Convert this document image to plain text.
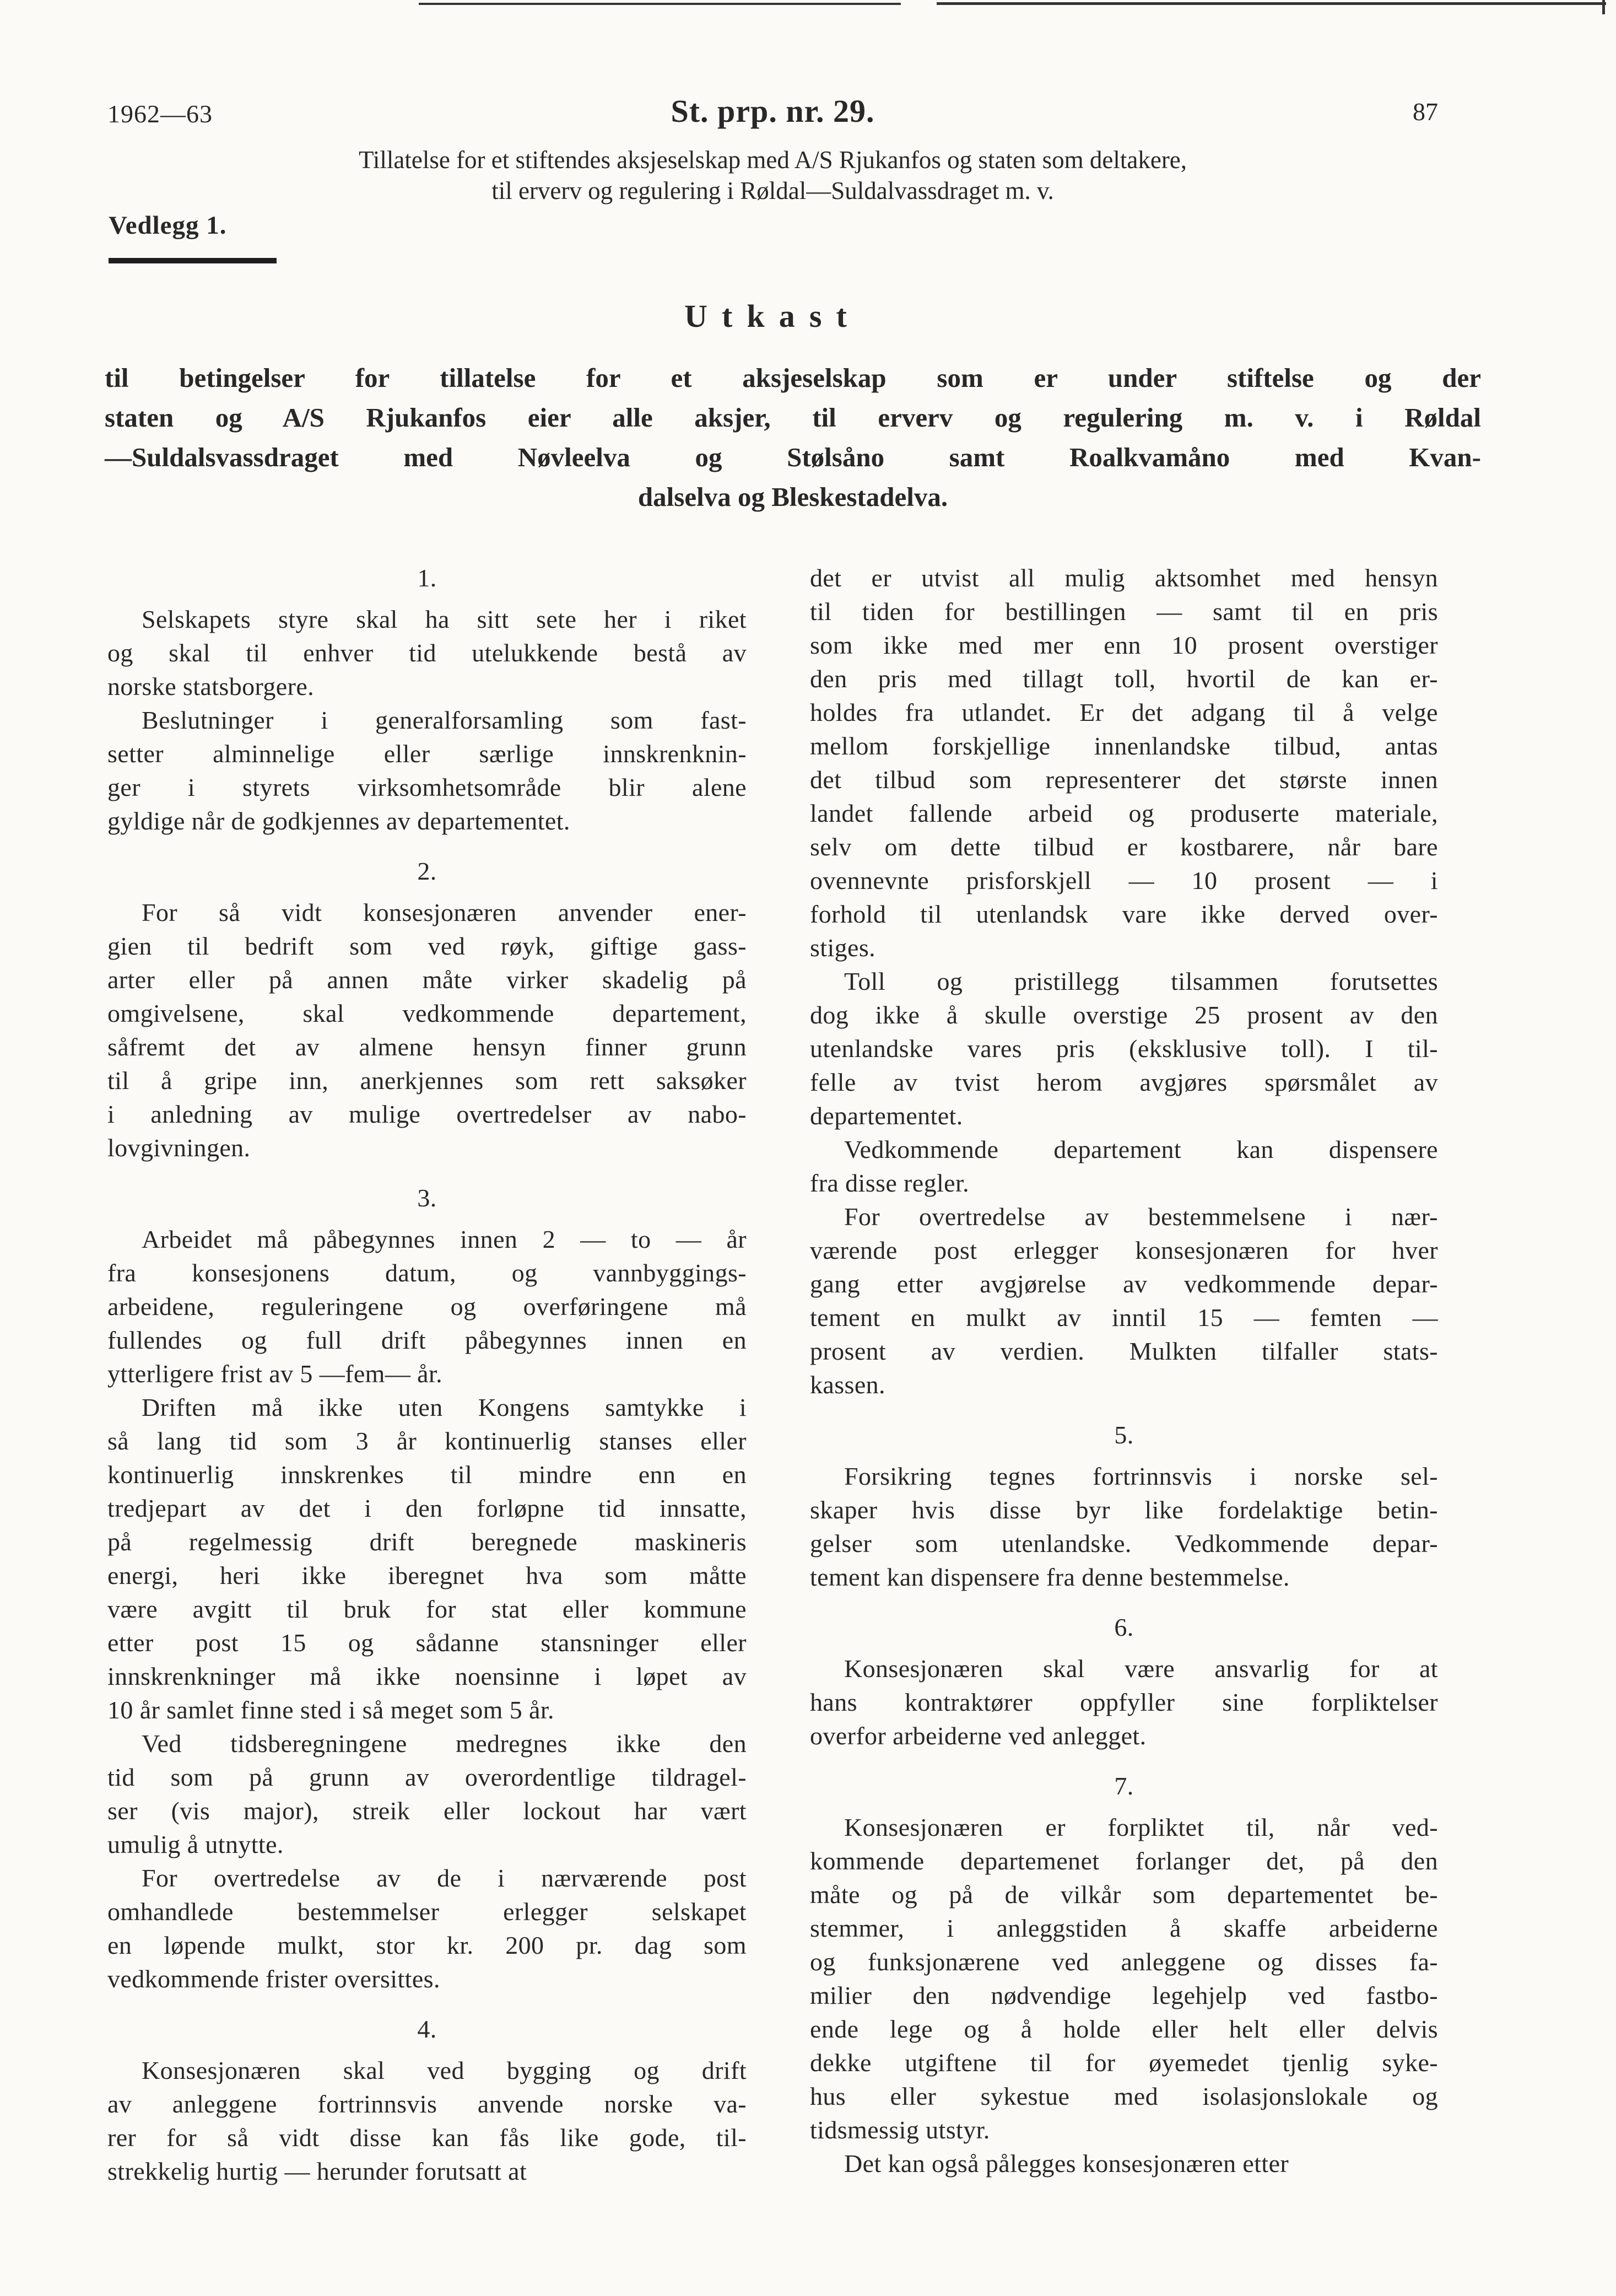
1962—63	St. prp. nr. 29.	87
Tillatelse for et stiftendes aksjeselskap med A/S Rjukanfos og staten som deltakere,
til erverv og regulering i Røldal—Suldalvassdraget m. v.
Vedlegg 1.
Utkast
til betingelser for tillatelse for et aksjeselskap som er under stiftelse og der
staten og A/S Rjukanfos eier alle aksjer, til erverv og regulering m. v. i Røldal
—Suldalsvassdraget med Nøvleelva og Stølsåno samt Roalkvamåno med Kvan-
dalselva og Bleskestadelva.
1.
Selskapets styre skal ha sitt sete her i riket
og skal til enhver tid utelukkende bestå av
norske statsborgere.
Beslutninger i generalforsamling som fast-
setter alminnelige eller særlige innskrenknin-
ger i styrets virksomhetsområde blir alene
gyldige når de godkjennes av departementet.
2.
For så vidt konsesjonæren anvender ener-
gien til bedrift som ved røyk, giftige gass-
arter eller på annen måte virker skadelig på
omgivelsene, skal vedkommende departement,
såfremt det av almene hensyn finner grunn
til å gripe inn, anerkjennes som rett saksøker
i anledning av mulige overtredelser av nabo-
lovgivningen.
3.
Arbeidet må påbegynnes innen 2 — to — år
fra konsesjonens datum, og vannbyggings-
arbeidene, reguleringene og overføringene må
fullendes og full drift påbegynnes innen en
ytterligere frist av 5 —fem— år.
Driften må ikke uten Kongens samtykke i
så lang tid som 3 år kontinuerlig stanses eller
kontinuerlig innskrenkes til mindre enn en
tredjepart av det i den forløpne tid innsatte,
på regelmessig drift beregnede maskineris
energi, heri ikke iberegnet hva som måtte
være avgitt til bruk for stat eller kommune
etter post 15 og sådanne stansninger eller
innskrenkninger må ikke noensinne i løpet av
10 år samlet finne sted i så meget som 5 år.
Ved tidsberegningene medregnes ikke den
tid som på grunn av overordentlige tildragel-
ser (vis major), streik eller lockout har vært
umulig å utnytte.
For overtredelse av de i nærværende post
omhandlede bestemmelser erlegger selskapet
en løpende mulkt, stor kr. 200 pr. dag som
vedkommende frister oversittes.
4.
Konsesjonæren skal ved bygging og drift
av anleggene fortrinnsvis anvende norske va-
rer for så vidt disse kan fås like gode, til-
strekkelig hurtig — herunder forutsatt at
det er utvist all mulig aktsomhet med hensyn
til tiden for bestillingen — samt til en pris
som ikke med mer enn 10 prosent overstiger
den pris med tillagt toll, hvortil de kan er-
holdes fra utlandet. Er det adgang til å velge
mellom forskjellige innenlandske tilbud, antas
det tilbud som representerer det største innen
landet fallende arbeid og produserte materiale,
selv om dette tilbud er kostbarere, når bare
ovennevnte prisforskjell — 10 prosent — i
forhold til utenlandsk vare ikke derved over-
stiges.
Toll og pristillegg tilsammen forutsettes
dog ikke å skulle overstige 25 prosent av den
utenlandske vares pris (eksklusive toll). I til-
felle av tvist herom avgjøres spørsmålet av
departementet.
Vedkommende departement kan dispensere
fra disse regler.
For overtredelse av bestemmelsene i nær-
værende post erlegger konsesjonæren for hver
gang etter avgjørelse av vedkommende depar-
tement en mulkt av inntil 15 — femten —
prosent av verdien. Mulkten tilfaller stats-
kassen.
5.
Forsikring tegnes fortrinnsvis i norske sel-
skaper hvis disse byr like fordelaktige betin-
gelser som utenlandske. Vedkommende depar-
tement kan dispensere fra denne bestemmelse.
6.
Konsesjonæren skal være ansvarlig for at
hans kontraktører oppfyller sine forpliktelser
overfor arbeiderne ved anlegget.
7.
Konsesjonæren er forpliktet til, når ved-
kommende departemenet forlanger det, på den
måte og på de vilkår som departementet be-
stemmer, i anleggstiden å skaffe arbeiderne
og funksjonærene ved anleggene og disses fa-
milier den nødvendige legehjelp ved fastbo-
ende lege og å holde eller helt eller delvis
dekke utgiftene til for øyemedet tjenlig syke-
hus eller sykestue med isolasjonslokale og
tidsmessig utstyr.
Det kan også pålegges konsesjonæren etter
